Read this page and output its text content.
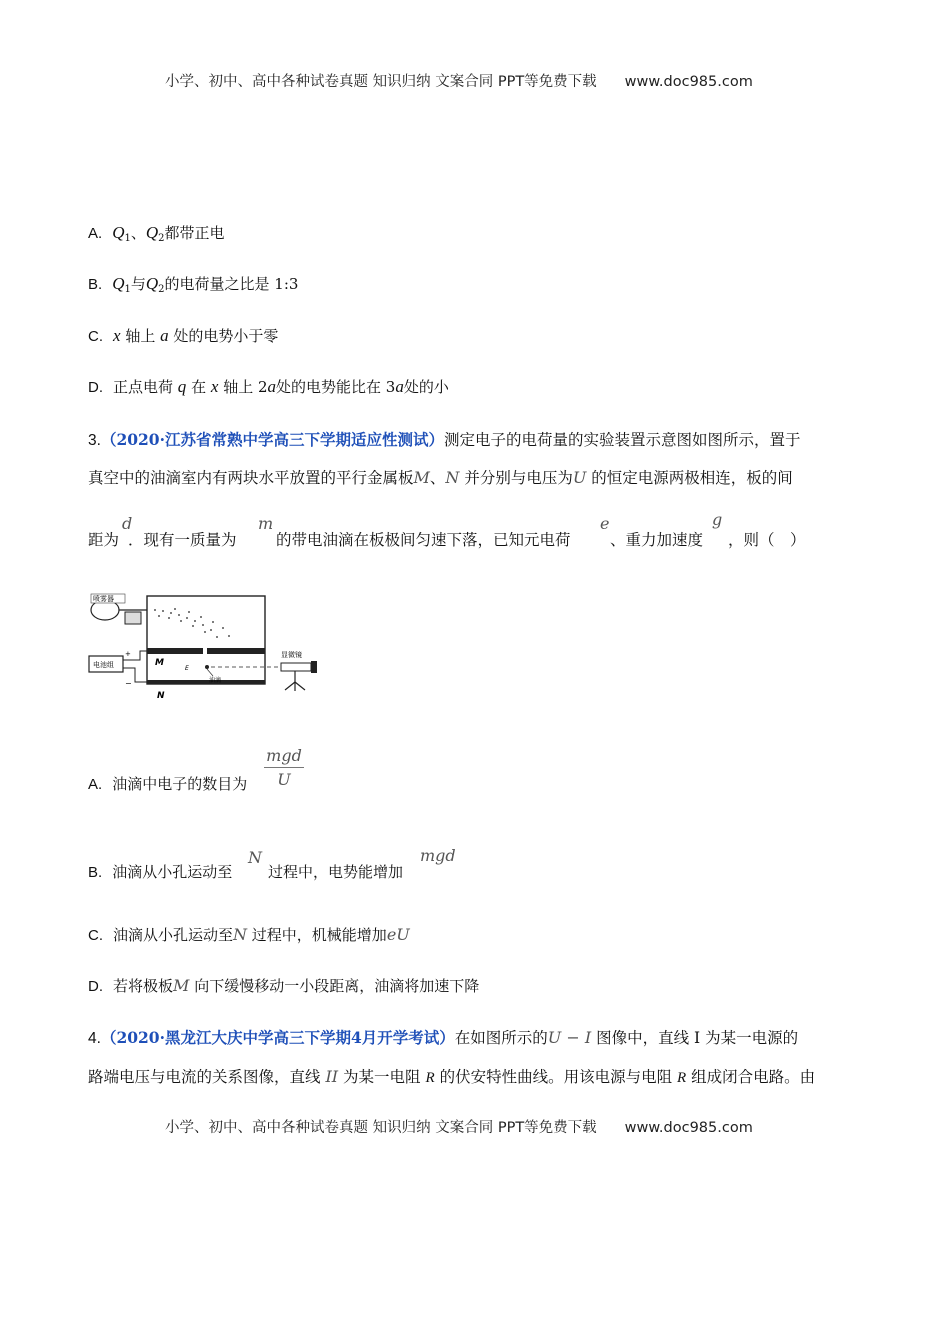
小学、初中、高中各种试卷真题 知识归纳 文案合同 PPT等免费下载 www.doc985.com
A. $Q_1$、$Q_2$都带正电
B. $Q_1$与$Q_2$的电荷量之比是 1:3
C. x 轴上 a 处的电势小于零
D. 正点电荷 q 在 x 轴上 2a处的电势能比在 3a处的小
3.（2020·江苏省常熟中学高三下学期适应性测试）测定电子的电荷量的实验装置示意图如图所示，置于
真空中的油滴室内有两块水平放置的平行金属板M、N 并分别与电压为U 的恒定电源两极相连，板的间
距为
d
．现有一质量为
m
的带电油滴在板极间匀速下落，已知元电荷
e
、重力加速度
g
，则（　）
喷雾器
M
N
E
油滴
电池组
+
−
显微镜
A. 油滴中电子的数目为
mgd
U
B. 油滴从小孔运动至
N
过程中，电势能增加
mgd
C. 油滴从小孔运动至N 过程中，机械能增加eU
D. 若将极板M 向下缓慢移动一小段距离，油滴将加速下降
4.（2020·黑龙江大庆中学高三下学期4月开学考试）在如图所示的U − I 图像中，直线 I 为某一电源的
路端电压与电流的关系图像，直线 II 为某一电阻 R 的伏安特性曲线。用该电源与电阻 R 组成闭合电路。由
小学、初中、高中各种试卷真题 知识归纳 文案合同 PPT等免费下载 www.doc985.com
